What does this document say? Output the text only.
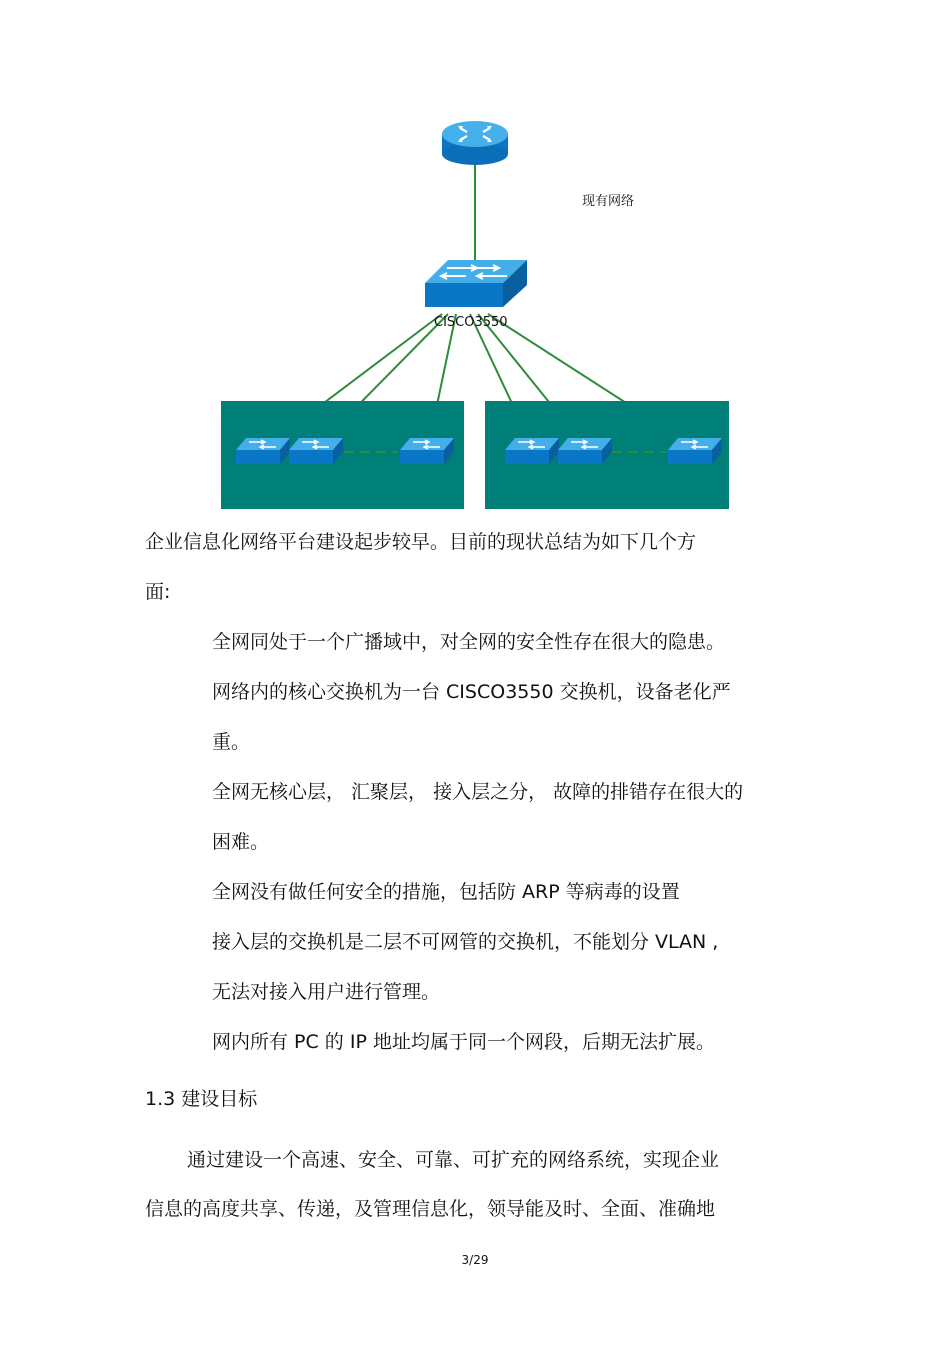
现有网络
CISCO3550
企业信息化网络平台建设起步较早。目前的现状总结为如下几个方
面:
全网同处于一个广播域中，对全网的安全性存在很大的隐患。
网络内的核心交换机为一台 CISCO3550 交换机，设备老化严
重。
全网无核心层， 汇聚层， 接入层之分， 故障的排错存在很大的
困难。
全网没有做任何安全的措施，包括防 ARP 等病毒的设置
接入层的交换机是二层不可网管的交换机，不能划分 VLAN ,
无法对接入用户进行管理。
网内所有 PC 的 IP 地址均属于同一个网段，后期无法扩展。
1.3 建设目标
通过建设一个高速、安全、可靠、可扩充的网络系统，实现企业
信息的高度共享、传递，及管理信息化，领导能及时、全面、准确地
3/29
